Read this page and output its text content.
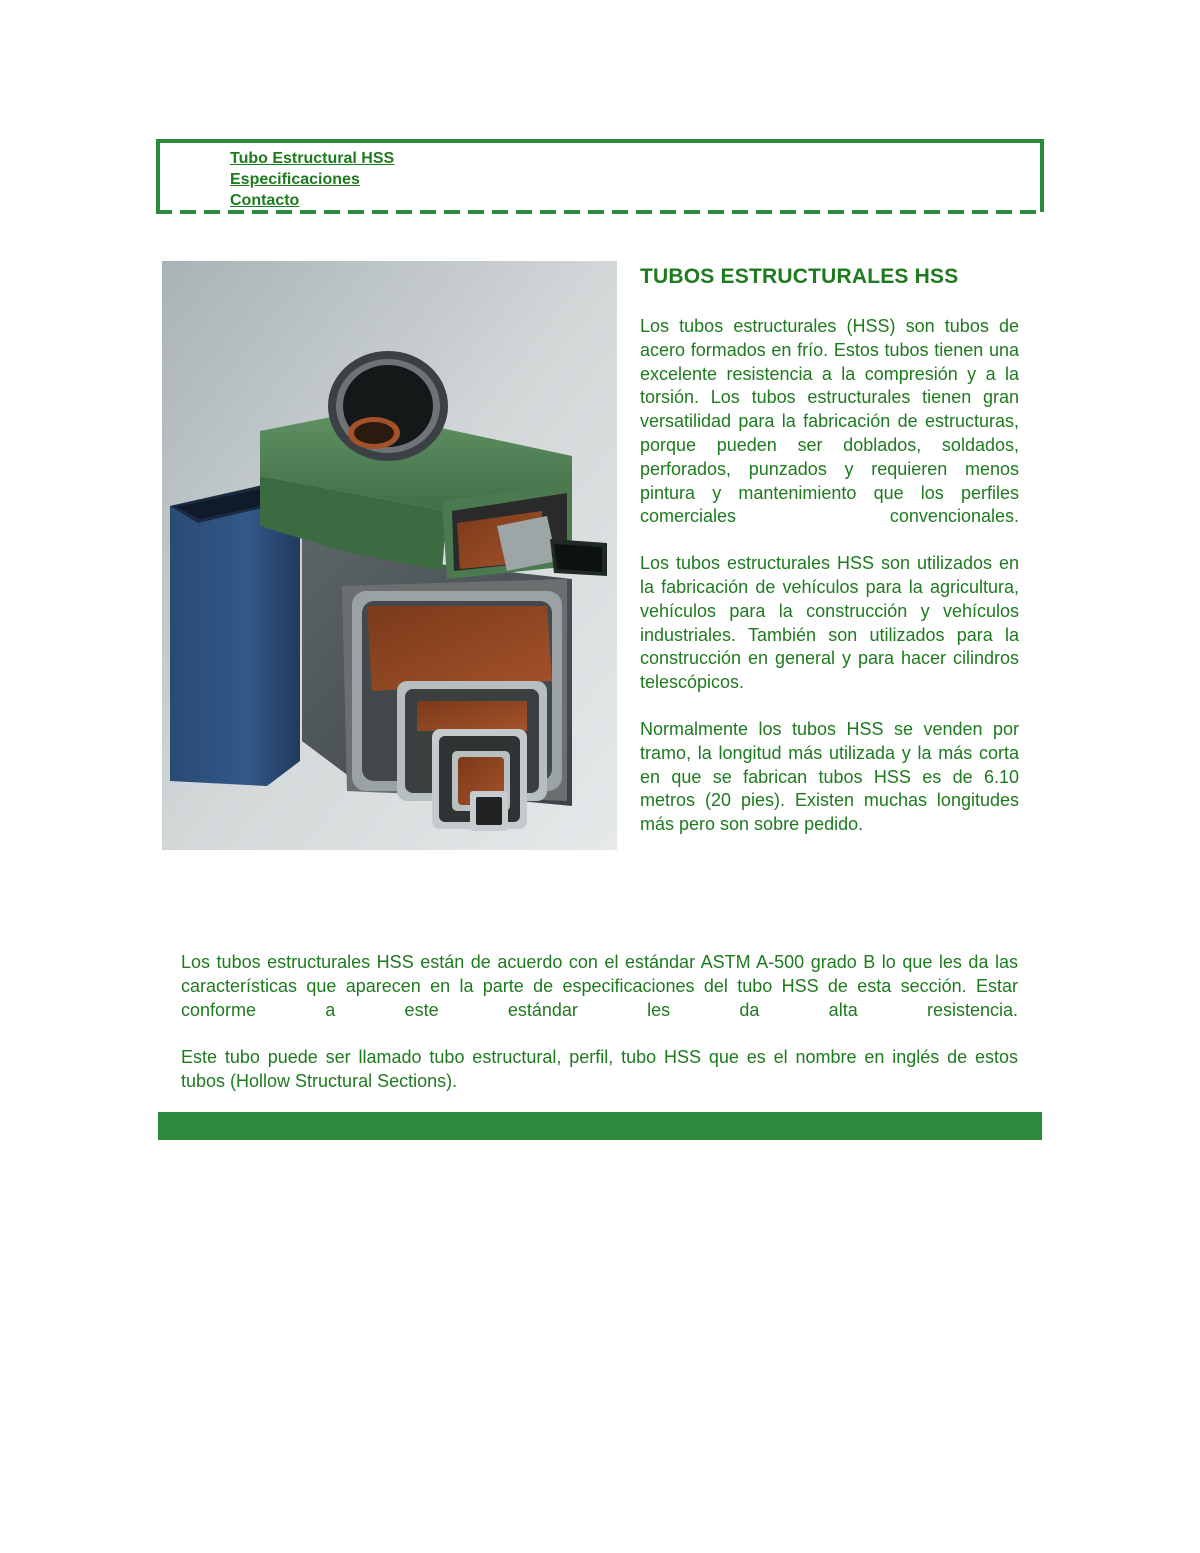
Tubo Estructural HSS
Especificaciones
Contacto
TUBOS ESTRUCTURALES HSS

Los tubos estructurales (HSS) son tubos de acero formados en frío. Estos tubos tienen una excelente resistencia a la compresión y a la torsión. Los tubos estructurales tienen gran versatilidad para la fabricación de estructuras, porque pueden ser doblados, soldados, perforados, punzados y requieren menos pintura y mantenimiento que los perfiles comerciales convencionales.

Los tubos estructurales HSS son utilizados en la fabricación de vehículos para la agricultura, vehículos para la construcción y vehículos industriales. También son utilizados para la construcción en general y para hacer cilindros telescópicos.

Normalmente los tubos HSS se venden por tramo, la longitud más utilizada y la más corta en que se fabrican tubos HSS es de 6.10 metros (20 pies). Existen muchas longitudes más pero son sobre pedido.

Los tubos estructurales HSS están de acuerdo con el estándar ASTM A-500 grado B lo que les da las características que aparecen en la parte de especificaciones del tubo HSS de esta sección. Estar conforme a este estándar les da alta resistencia.

Este tubo puede ser llamado tubo estructural, perfil, tubo HSS que es el nombre en inglés de estos tubos (Hollow Structural Sections).
